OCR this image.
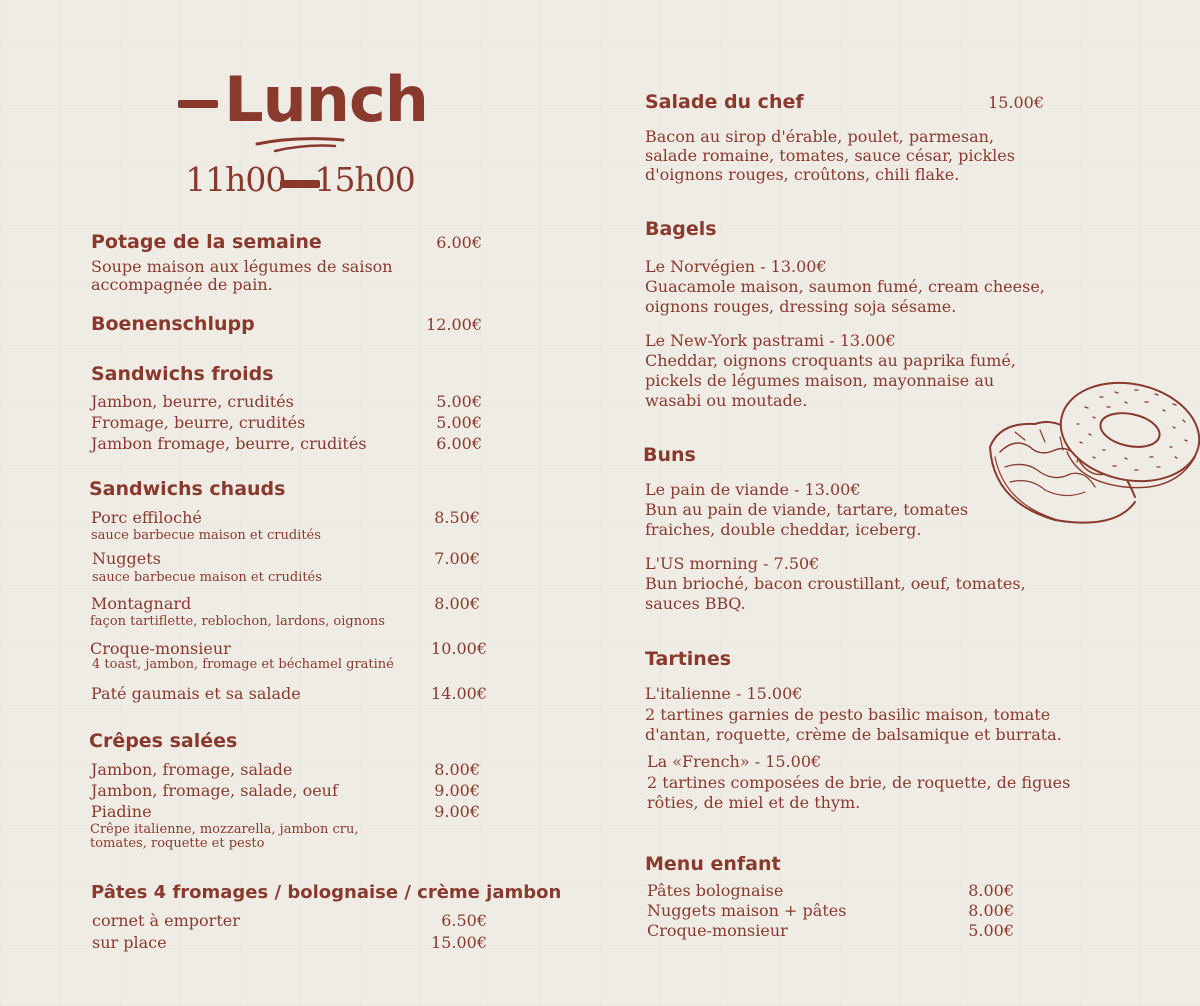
Lunch
11h00 - 15h00
Potage de la semaine	6.00€
Soupe maison aux légumes de saison
accompagnée de pain.
Boenenschlupp	12.00€
Sandwichs froids
Jambon, beurre, crudités	5.00€
Fromage, beurre, crudités	5.00€
Jambon fromage, beurre, crudités	6.00€
Sandwichs chauds
Porc effiloché	8.50€
sauce barbecue maison et crudités
Nuggets	7.00€
sauce barbecue maison et crudités
Montagnard	8.00€
façon tartiflette, reblochon, lardons, oignons
Croque-monsieur	10.00€
4 toast, jambon, fromage et béchamel gratiné
Paté gaumais et sa salade	14.00€
Crêpes salées
Jambon, fromage, salade	8.00€
Jambon, fromage, salade, oeuf	9.00€
Piadine	9.00€
Crêpe italienne, mozzarella, jambon cru,
tomates, roquette et pesto
Pâtes 4 fromages / bolognaise / crème jambon
cornet à emporter	6.50€
sur place	15.00€
Salade du chef	15.00€
Bacon au sirop d'érable, poulet, parmesan,
salade romaine, tomates, sauce césar, pickles
d'oignons rouges, croûtons, chili flake.
Bagels
Le Norvégien - 13.00€
Guacamole maison, saumon fumé, cream cheese,
oignons rouges, dressing soja sésame.
Le New-York pastrami - 13.00€
Cheddar, oignons croquants au paprika fumé,
pickels de légumes maison, mayonnaise au
wasabi ou moutade.
Buns
Le pain de viande - 13.00€
Bun au pain de viande, tartare, tomates
fraiches, double cheddar, iceberg.
L'US morning - 7.50€
Bun brioché, bacon croustillant, oeuf, tomates,
sauces BBQ.
Tartines
L'italienne - 15.00€
2 tartines garnies de pesto basilic maison, tomate
d'antan, roquette, crème de balsamique et burrata.
La «French» - 15.00€
2 tartines composées de brie, de roquette, de figues
rôties, de miel et de thym.
Menu enfant
Pâtes bolognaise	8.00€
Nuggets maison + pâtes	8.00€
Croque-monsieur	5.00€
